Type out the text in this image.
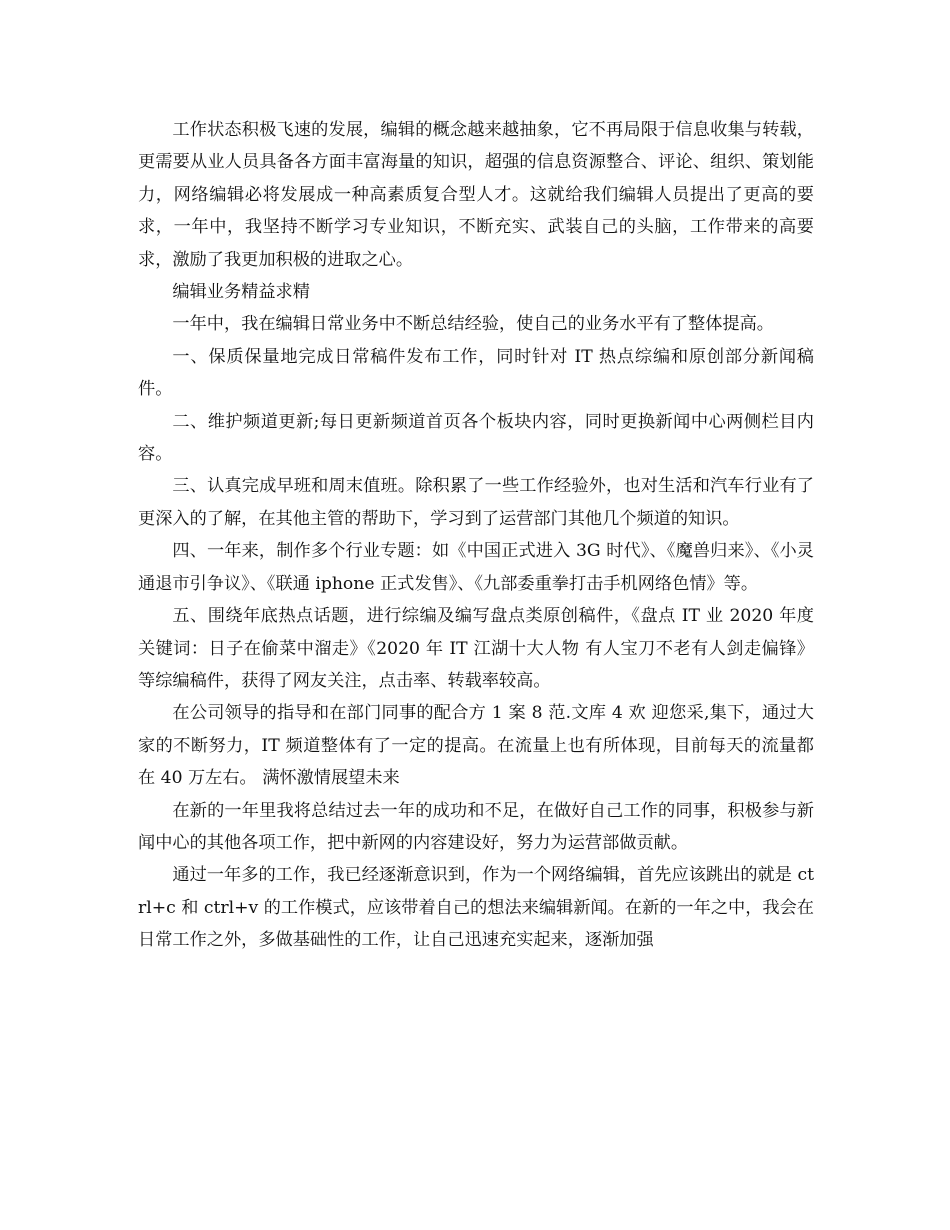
工作状态积极飞速的发展，编辑的概念越来越抽象，它不再局限于信息收集与转载，更需要从业人员具备各方面丰富海量的知识，超强的信息资源整合、评论、组织、策划能力，网络编辑必将发展成一种高素质复合型人才。这就给我们编辑人员提出了更高的要求，一年中，我坚持不断学习专业知识，不断充实、武装自己的头脑，工作带来的高要求，激励了我更加积极的进取之心。

编辑业务精益求精

一年中，我在编辑日常业务中不断总结经验，使自己的业务水平有了整体提高。

一、保质保量地完成日常稿件发布工作，同时针对 IT 热点综编和原创部分新闻稿件。

二、维护频道更新;每日更新频道首页各个板块内容，同时更换新闻中心两侧栏目内容。

三、认真完成早班和周末值班。除积累了一些工作经验外，也对生活和汽车行业有了更深入的了解，在其他主管的帮助下，学习到了运营部门其他几个频道的知识。

四、一年来，制作多个行业专题：如《中国正式进入 3G 时代》、《魔兽归来》、《小灵通退市引争议》、《联通 iphone 正式发售》、《九部委重拳打击手机网络色情》等。

五、围绕年底热点话题，进行综编及编写盘点类原创稿件，《盘点 IT 业 2020 年度关键词：日子在偷菜中溜走》《2020 年 IT 江湖十大人物 有人宝刀不老有人剑走偏锋》等综编稿件，获得了网友关注，点击率、转载率较高。

在公司领导的指导和在部门同事的配合方 1 案 8 范.文库 4 欢 迎您采,集下，通过大家的不断努力，IT 频道整体有了一定的提高。在流量上也有所体现，目前每天的流量都在 40 万左右。 满怀激情展望未来

在新的一年里我将总结过去一年的成功和不足，在做好自己工作的同事，积极参与新闻中心的其他各项工作，把中新网的内容建设好，努力为运营部做贡献。

通过一年多的工作，我已经逐渐意识到，作为一个网络编辑，首先应该跳出的就是 ctrl+c 和 ctrl+v 的工作模式，应该带着自己的想法来编辑新闻。在新的一年之中，我会在日常工作之外，多做基础性的工作，让自己迅速充实起来，逐渐加强
